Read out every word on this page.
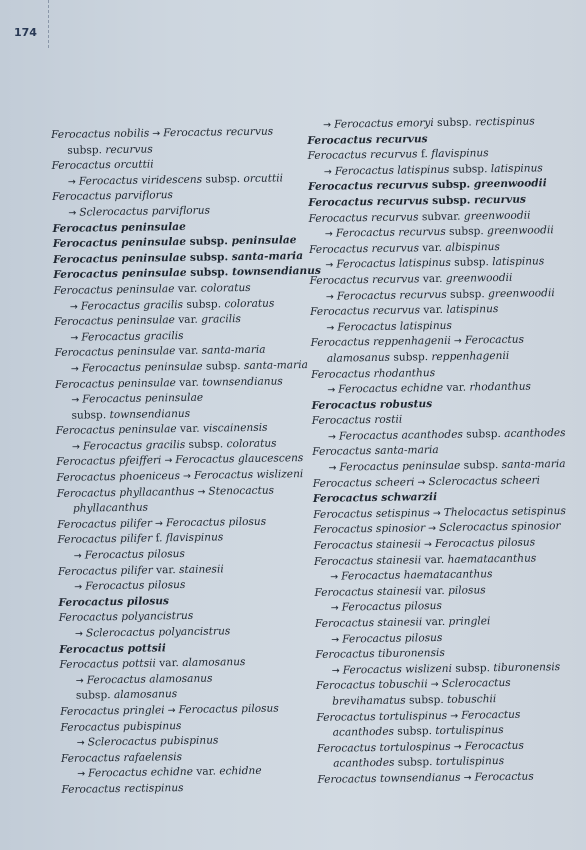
174
Ferocactus nobilis → Ferocactus recurvus
subsp. recurvus
Ferocactus orcuttii
→ Ferocactus viridescens subsp. orcuttii
Ferocactus parviflorus
→ Sclerocactus parviflorus
Ferocactus peninsulae
Ferocactus peninsulae subsp. peninsulae
Ferocactus peninsulae subsp. santa-maria
Ferocactus peninsulae subsp. townsendianus
Ferocactus peninsulae var. coloratus
→ Ferocactus gracilis subsp. coloratus
Ferocactus peninsulae var. gracilis
→ Ferocactus gracilis
Ferocactus peninsulae var. santa-maria
→ Ferocactus peninsulae subsp. santa-maria
Ferocactus peninsulae var. townsendianus
→ Ferocactus peninsulae
subsp. townsendianus
Ferocactus peninsulae var. viscainensis
→ Ferocactus gracilis subsp. coloratus
Ferocactus pfeifferi → Ferocactus glaucescens
Ferocactus phoeniceus → Ferocactus wislizeni
Ferocactus phyllacanthus → Stenocactus
phyllacanthus
Ferocactus pilifer → Ferocactus pilosus
Ferocactus pilifer f. flavispinus
→ Ferocactus pilosus
Ferocactus pilifer var. stainesii
→ Ferocactus pilosus
Ferocactus pilosus
Ferocactus polyancistrus
→ Sclerocactus polyancistrus
Ferocactus pottsii
Ferocactus pottsii var. alamosanus
→ Ferocactus alamosanus
subsp. alamosanus
Ferocactus pringlei → Ferocactus pilosus
Ferocactus pubispinus
→ Sclerocactus pubispinus
Ferocactus rafaelensis
→ Ferocactus echidne var. echidne
Ferocactus rectispinus
→ Ferocactus emoryi subsp. rectispinus
Ferocactus recurvus
Ferocactus recurvus f. flavispinus
→ Ferocactus latispinus subsp. latispinus
Ferocactus recurvus subsp. greenwoodii
Ferocactus recurvus subsp. recurvus
Ferocactus recurvus subvar. greenwoodii
→ Ferocactus recurvus subsp. greenwoodii
Ferocactus recurvus var. albispinus
→ Ferocactus latispinus subsp. latispinus
Ferocactus recurvus var. greenwoodii
→ Ferocactus recurvus subsp. greenwoodii
Ferocactus recurvus var. latispinus
→ Ferocactus latispinus
Ferocactus reppenhagenii → Ferocactus
alamosanus subsp. reppenhagenii
Ferocactus rhodanthus
→ Ferocactus echidne var. rhodanthus
Ferocactus robustus
Ferocactus rostii
→ Ferocactus acanthodes subsp. acanthodes
Ferocactus santa-maria
→ Ferocactus peninsulae subsp. santa-maria
Ferocactus scheeri → Sclerocactus scheeri
Ferocactus schwarzii
Ferocactus setispinus → Thelocactus setispinus
Ferocactus spinosior → Sclerocactus spinosior
Ferocactus stainesii → Ferocactus pilosus
Ferocactus stainesii var. haematacanthus
→ Ferocactus haematacanthus
Ferocactus stainesii var. pilosus
→ Ferocactus pilosus
Ferocactus stainesii var. pringlei
→ Ferocactus pilosus
Ferocactus tiburonensis
→ Ferocactus wislizeni subsp. tiburonensis
Ferocactus tobuschii → Sclerocactus
brevihamatus subsp. tobuschii
Ferocactus tortulispinus → Ferocactus
acanthodes subsp. tortulispinus
Ferocactus tortulospinus → Ferocactus
acanthodes subsp. tortulispinus
Ferocactus townsendianus → Ferocactus
